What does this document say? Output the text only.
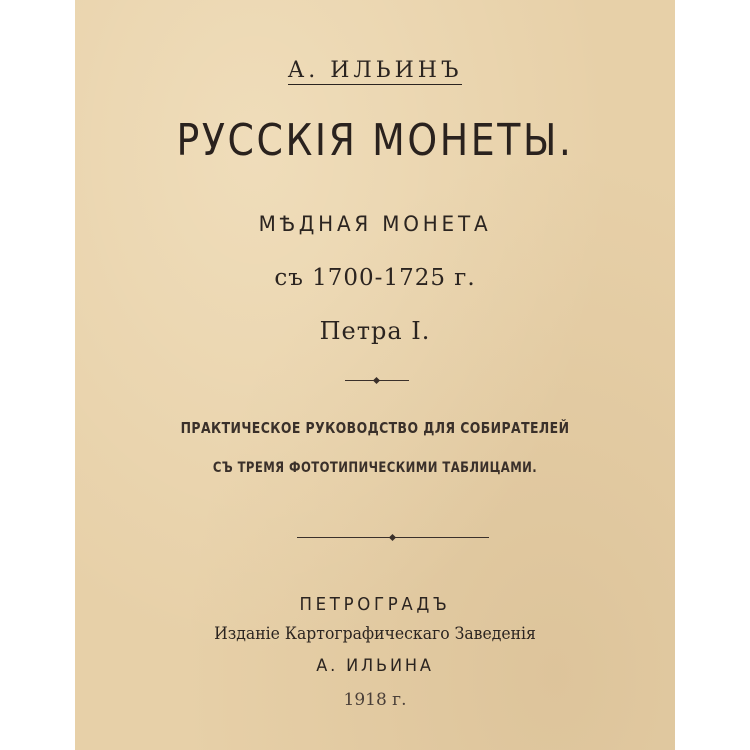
А. ИЛЬИНЪ
РУССКIЯ МОНЕТЫ.
МѢДНАЯ МОНЕТА
съ 1700-1725 г.
Петра I.
ПРАКТИЧЕСКОЕ РУКОВОДСТВО ДЛЯ СОБИРАТЕЛЕЙ
СЪ ТРЕМЯ ФОТОТИПИЧЕСКИМИ ТАБЛИЦАМИ.
ПЕТРОГРАДЪ
Изданiе Картографическаго Заведенiя
А. ИЛЬИНА
1918 г.
